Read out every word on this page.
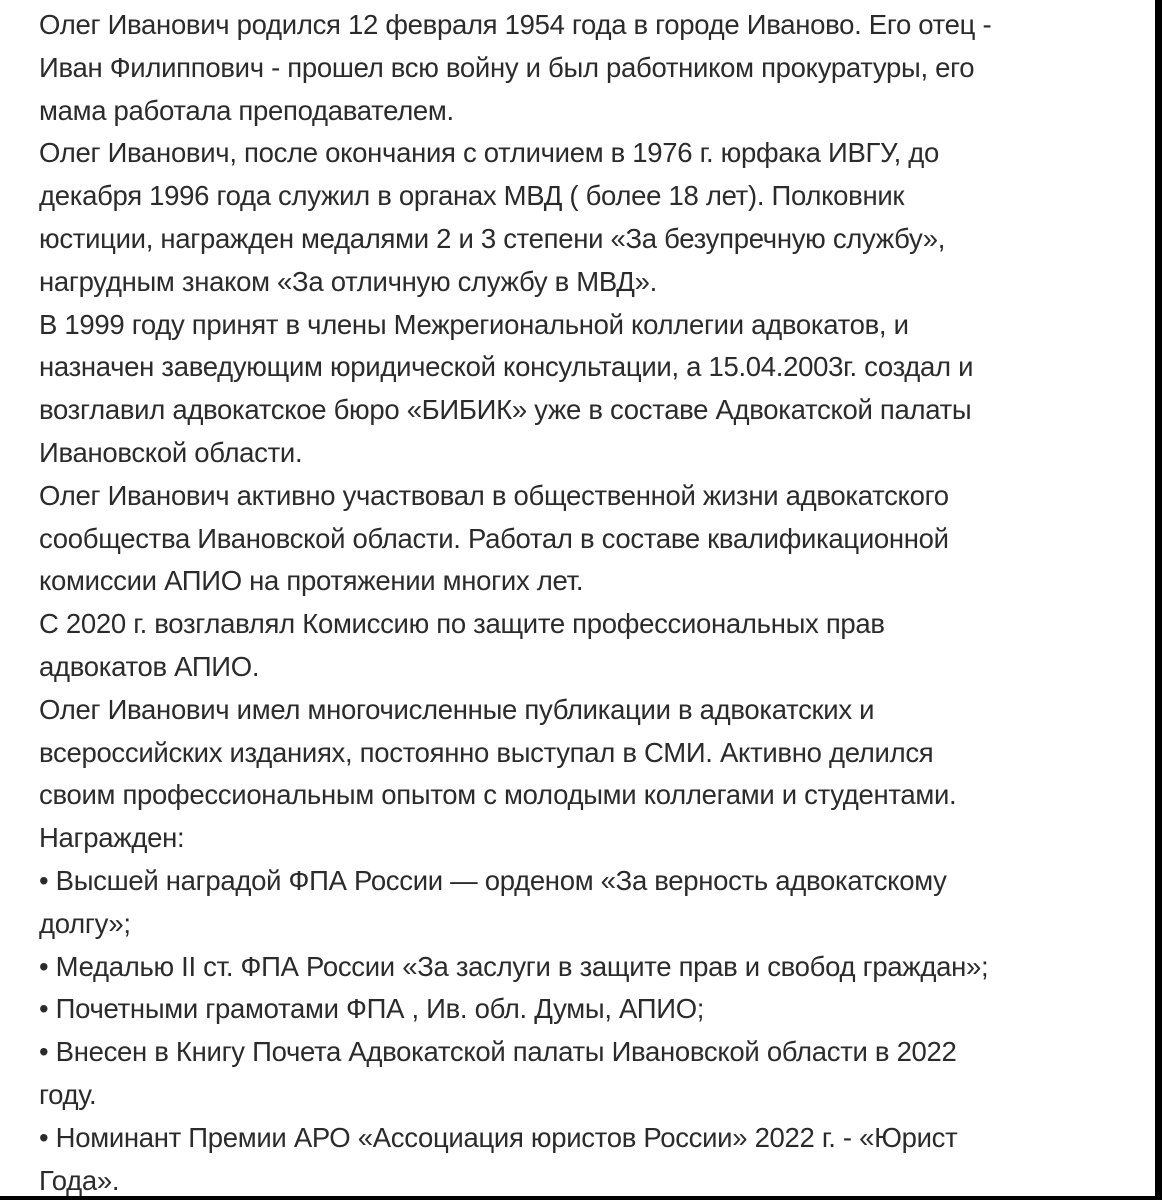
Олег Иванович родился 12 февраля 1954 года в городе Иваново. Его отец -
Иван Филиппович - прошел всю войну и был работником прокуратуры, его
мама работала преподавателем.
Олег Иванович, после окончания с отличием в 1976 г. юрфака ИВГУ, до
декабря 1996 года служил в органах МВД ( более 18 лет). Полковник
юстиции, награжден медалями 2 и 3 степени «За безупречную службу»,
нагрудным знаком «За отличную службу в МВД».
В 1999 году принят в члены Межрегиональной коллегии адвокатов, и
назначен заведующим юридической консультации, а 15.04.2003г. создал и
возглавил адвокатское бюро «БИБИК» уже в составе Адвокатской палаты
Ивановской области.
Олег Иванович активно участвовал в общественной жизни адвокатского
сообщества Ивановской области. Работал в составе квалификационной
комиссии АПИО на протяжении многих лет.
С 2020 г. возглавлял Комиссию по защите профессиональных прав
адвокатов АПИО.
Олег Иванович имел многочисленные публикации в адвокатских и
всероссийских изданиях, постоянно выступал в СМИ. Активно делился
своим профессиональным опытом с молодыми коллегами и студентами.
Награжден:
• Высшей наградой ФПА России — орденом «За верность адвокатскому
долгу»;
• Медалью II ст. ФПА России «За заслуги в защите прав и свобод граждан»;
• Почетными грамотами ФПА , Ив. обл. Думы, АПИО;
• Внесен в Книгу Почета Адвокатской палаты Ивановской области в 2022
году.
• Номинант Премии АРО «Ассоциация юристов России» 2022 г. - «Юрист
Года».
